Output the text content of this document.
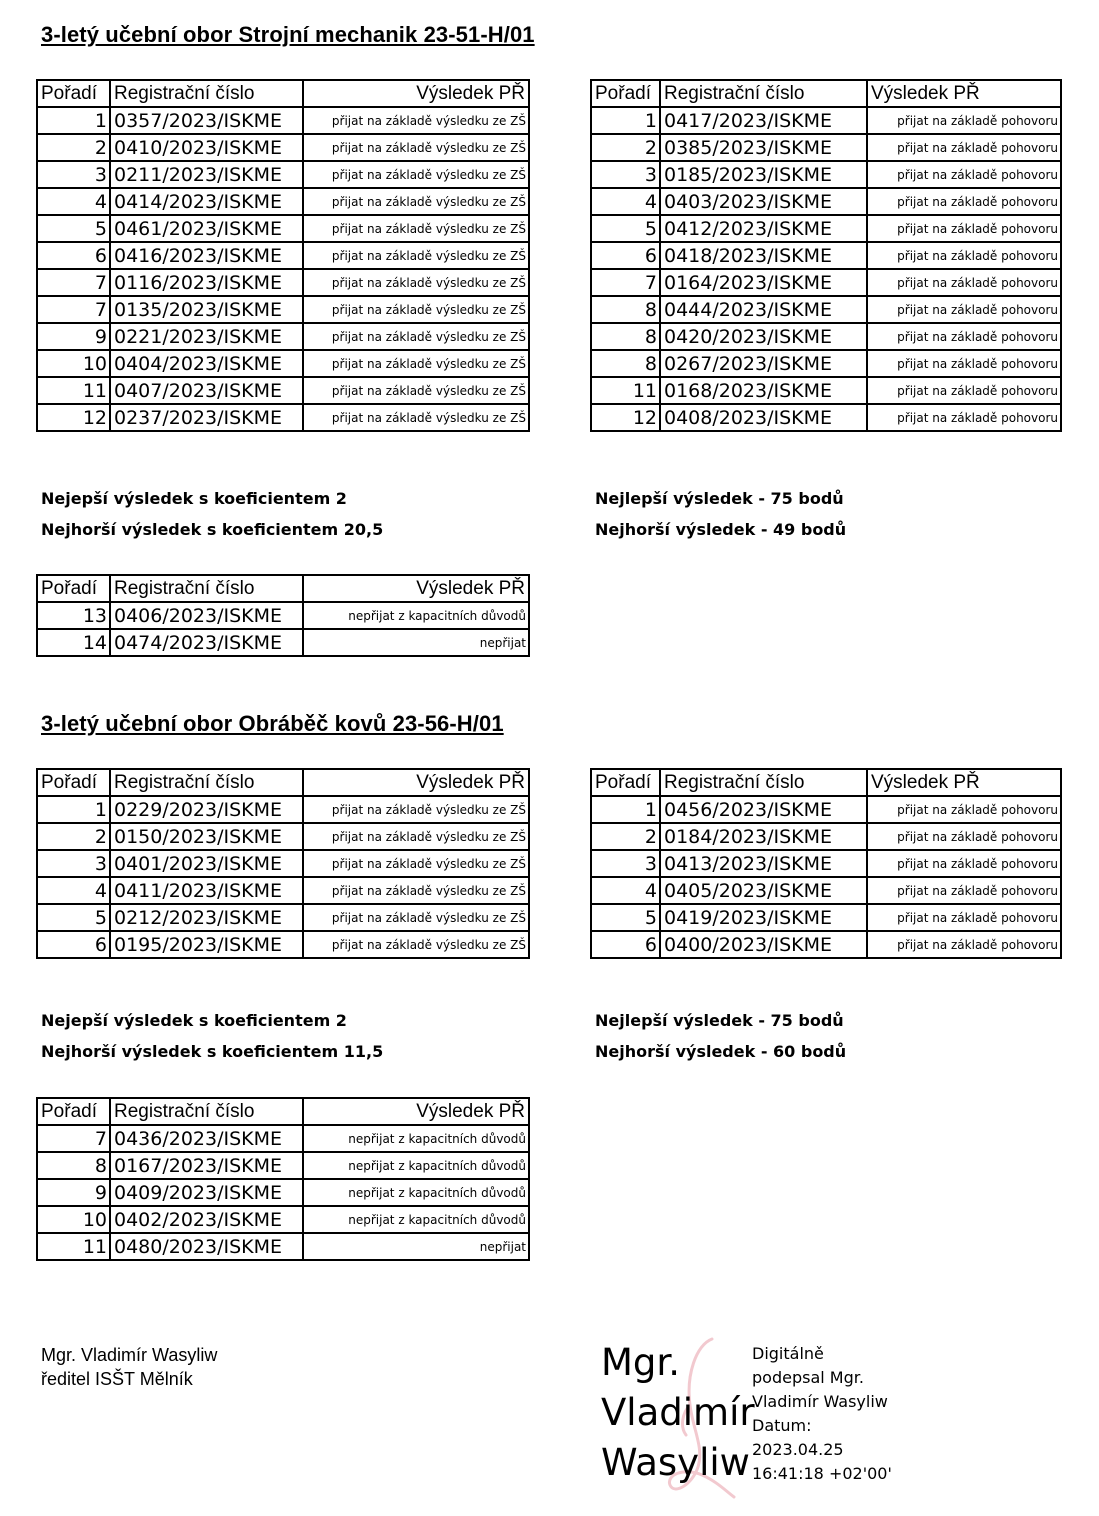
3-letý učební obor Strojní mechanik 23-51-H/01
Pořadí	Registrační číslo	Výsledek PŘ
1	0357/2023/ISKME	přijat na základě výsledku ze ZŠ
2	0410/2023/ISKME	přijat na základě výsledku ze ZŠ
3	0211/2023/ISKME	přijat na základě výsledku ze ZŠ
4	0414/2023/ISKME	přijat na základě výsledku ze ZŠ
5	0461/2023/ISKME	přijat na základě výsledku ze ZŠ
6	0416/2023/ISKME	přijat na základě výsledku ze ZŠ
7	0116/2023/ISKME	přijat na základě výsledku ze ZŠ
7	0135/2023/ISKME	přijat na základě výsledku ze ZŠ
9	0221/2023/ISKME	přijat na základě výsledku ze ZŠ
10	0404/2023/ISKME	přijat na základě výsledku ze ZŠ
11	0407/2023/ISKME	přijat na základě výsledku ze ZŠ
12	0237/2023/ISKME	přijat na základě výsledku ze ZŠ
Pořadí	Registrační číslo	Výsledek PŘ
1	0417/2023/ISKME	přijat na základě pohovoru
2	0385/2023/ISKME	přijat na základě pohovoru
3	0185/2023/ISKME	přijat na základě pohovoru
4	0403/2023/ISKME	přijat na základě pohovoru
5	0412/2023/ISKME	přijat na základě pohovoru
6	0418/2023/ISKME	přijat na základě pohovoru
7	0164/2023/ISKME	přijat na základě pohovoru
8	0444/2023/ISKME	přijat na základě pohovoru
8	0420/2023/ISKME	přijat na základě pohovoru
8	0267/2023/ISKME	přijat na základě pohovoru
11	0168/2023/ISKME	přijat na základě pohovoru
12	0408/2023/ISKME	přijat na základě pohovoru

Nejepší výsledek s koeficientem 2

Nejhorší výsledek s koeficientem 20,5

Nejlepší výsledek - 75 bodů

Nejhorší výsledek - 49 bodů

Pořadí	Registrační číslo	Výsledek PŘ
13	0406/2023/ISKME	nepřijat z kapacitních důvodů
14	0474/2023/ISKME	nepřijat
3-letý učební obor Obráběč kovů 23-56-H/01
Pořadí	Registrační číslo	Výsledek PŘ
1	0229/2023/ISKME	přijat na základě výsledku ze ZŠ
2	0150/2023/ISKME	přijat na základě výsledku ze ZŠ
3	0401/2023/ISKME	přijat na základě výsledku ze ZŠ
4	0411/2023/ISKME	přijat na základě výsledku ze ZŠ
5	0212/2023/ISKME	přijat na základě výsledku ze ZŠ
6	0195/2023/ISKME	přijat na základě výsledku ze ZŠ
Pořadí	Registrační číslo	Výsledek PŘ
1	0456/2023/ISKME	přijat na základě pohovoru
2	0184/2023/ISKME	přijat na základě pohovoru
3	0413/2023/ISKME	přijat na základě pohovoru
4	0405/2023/ISKME	přijat na základě pohovoru
5	0419/2023/ISKME	přijat na základě pohovoru
6	0400/2023/ISKME	přijat na základě pohovoru

Nejepší výsledek s koeficientem 2

Nejhorší výsledek s koeficientem 11,5

Nejlepší výsledek - 75 bodů

Nejhorší výsledek - 60 bodů

Pořadí	Registrační číslo	Výsledek PŘ
7	0436/2023/ISKME	nepřijat z kapacitních důvodů
8	0167/2023/ISKME	nepřijat z kapacitních důvodů
9	0409/2023/ISKME	nepřijat z kapacitních důvodů
10	0402/2023/ISKME	nepřijat z kapacitních důvodů
11	0480/2023/ISKME	nepřijat
Mgr. Vladimír Wasyliw
ředitel ISŠT Mělník	Mgr.
Vladimír
Wasyliw
Digitálně
podepsal Mgr.
Vladimír Wasyliw
Datum:
2023.04.25
16:41:18 +02'00'
